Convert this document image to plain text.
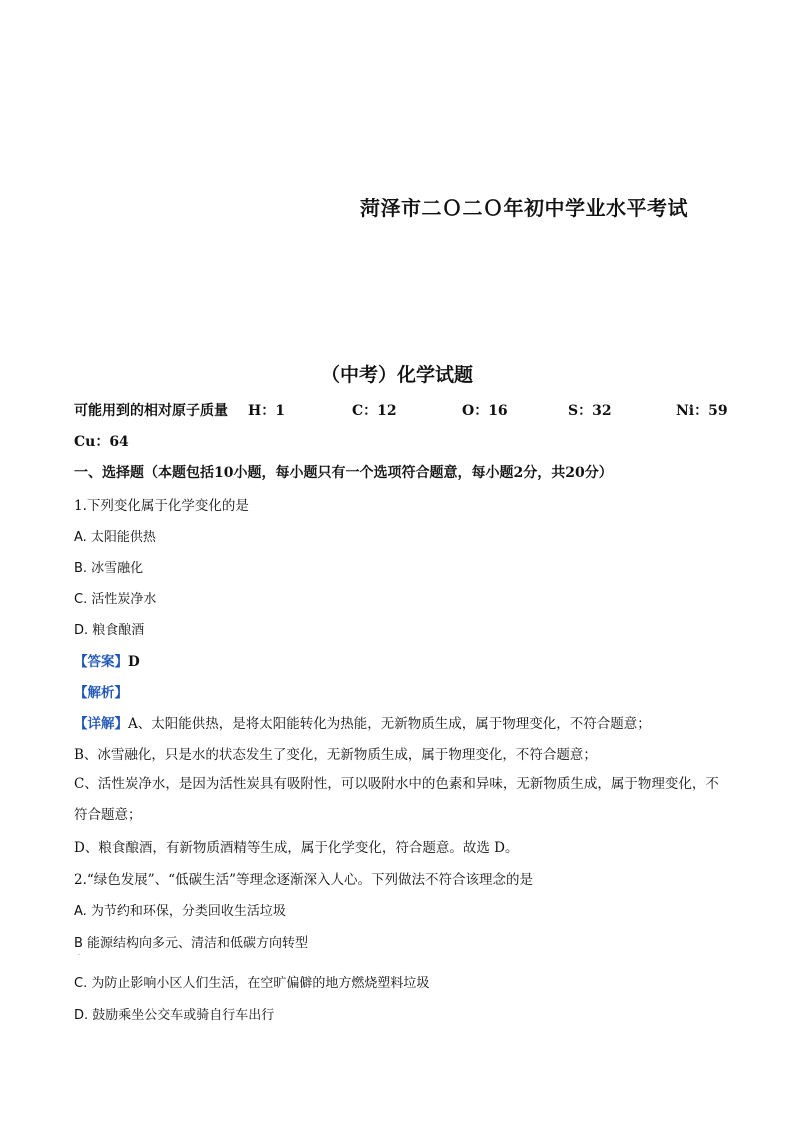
菏泽市二Ｏ二Ｏ年初中学业水平考试
（中考）化学试题
可能用到的相对原子质量 H：1	C：12	O：16	S：32	Ni：59
Cu：64
一、选择题（本题包括10小题，每小题只有一个选项符合题意，每小题2分，共20分）
1.下列变化属于化学变化的是
A. 太阳能供热
B. 冰雪融化
C. 活性炭净水
D. 粮食酿酒
【答案】D
【解析】
【详解】A、太阳能供热，是将太阳能转化为热能，无新物质生成，属于物理变化，不符合题意；
B、冰雪融化，只是水的状态发生了变化，无新物质生成，属于物理变化，不符合题意；
C、活性炭净水，是因为活性炭具有吸附性，可以吸附水中的色素和异味，无新物质生成，属于物理变化，不符合题意；
D、粮食酿酒，有新物质酒精等生成，属于化学变化，符合题意。故选 D。
2.“绿色发展”、“低碳生活”等理念逐渐深入人心。下列做法不符合该理念的是
A. 为节约和环保，分类回收生活垃圾
B 能源结构向多元、清洁和低碳方向转型
·
C. 为防止影响小区人们生活，在空旷偏僻的地方燃烧塑料垃圾
D. 鼓励乘坐公交车或骑自行车出行
